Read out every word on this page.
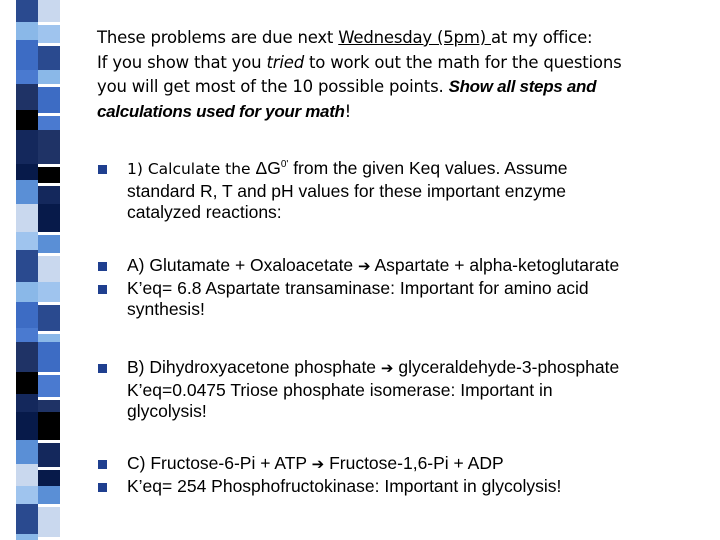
These problems are due next Wednesday (5pm) at my office:
If you show that you tried to work out the math for the questions
you will get most of the 10 possible points. Show all steps and
calculations used for your math!
1) Calculate the $\Delta G^{0'}$ from the given Keq values. Assume
standard R, T and pH values for these important enzyme
catalyzed reactions:
A) Glutamate + Oxaloacetate ➔ Aspartate + alpha-ketoglutarate
K’eq= 6.8 Aspartate transaminase: Important for amino acid
synthesis!
B) Dihydroxyacetone phosphate ➔ glyceraldehyde-3-phosphate
K’eq=0.0475 Triose phosphate isomerase: Important in
glycolysis!
C) Fructose-6-Pi + ATP ➔ Fructose-1,6-Pi + ADP
K’eq= 254 Phosphofructokinase: Important in glycolysis!
